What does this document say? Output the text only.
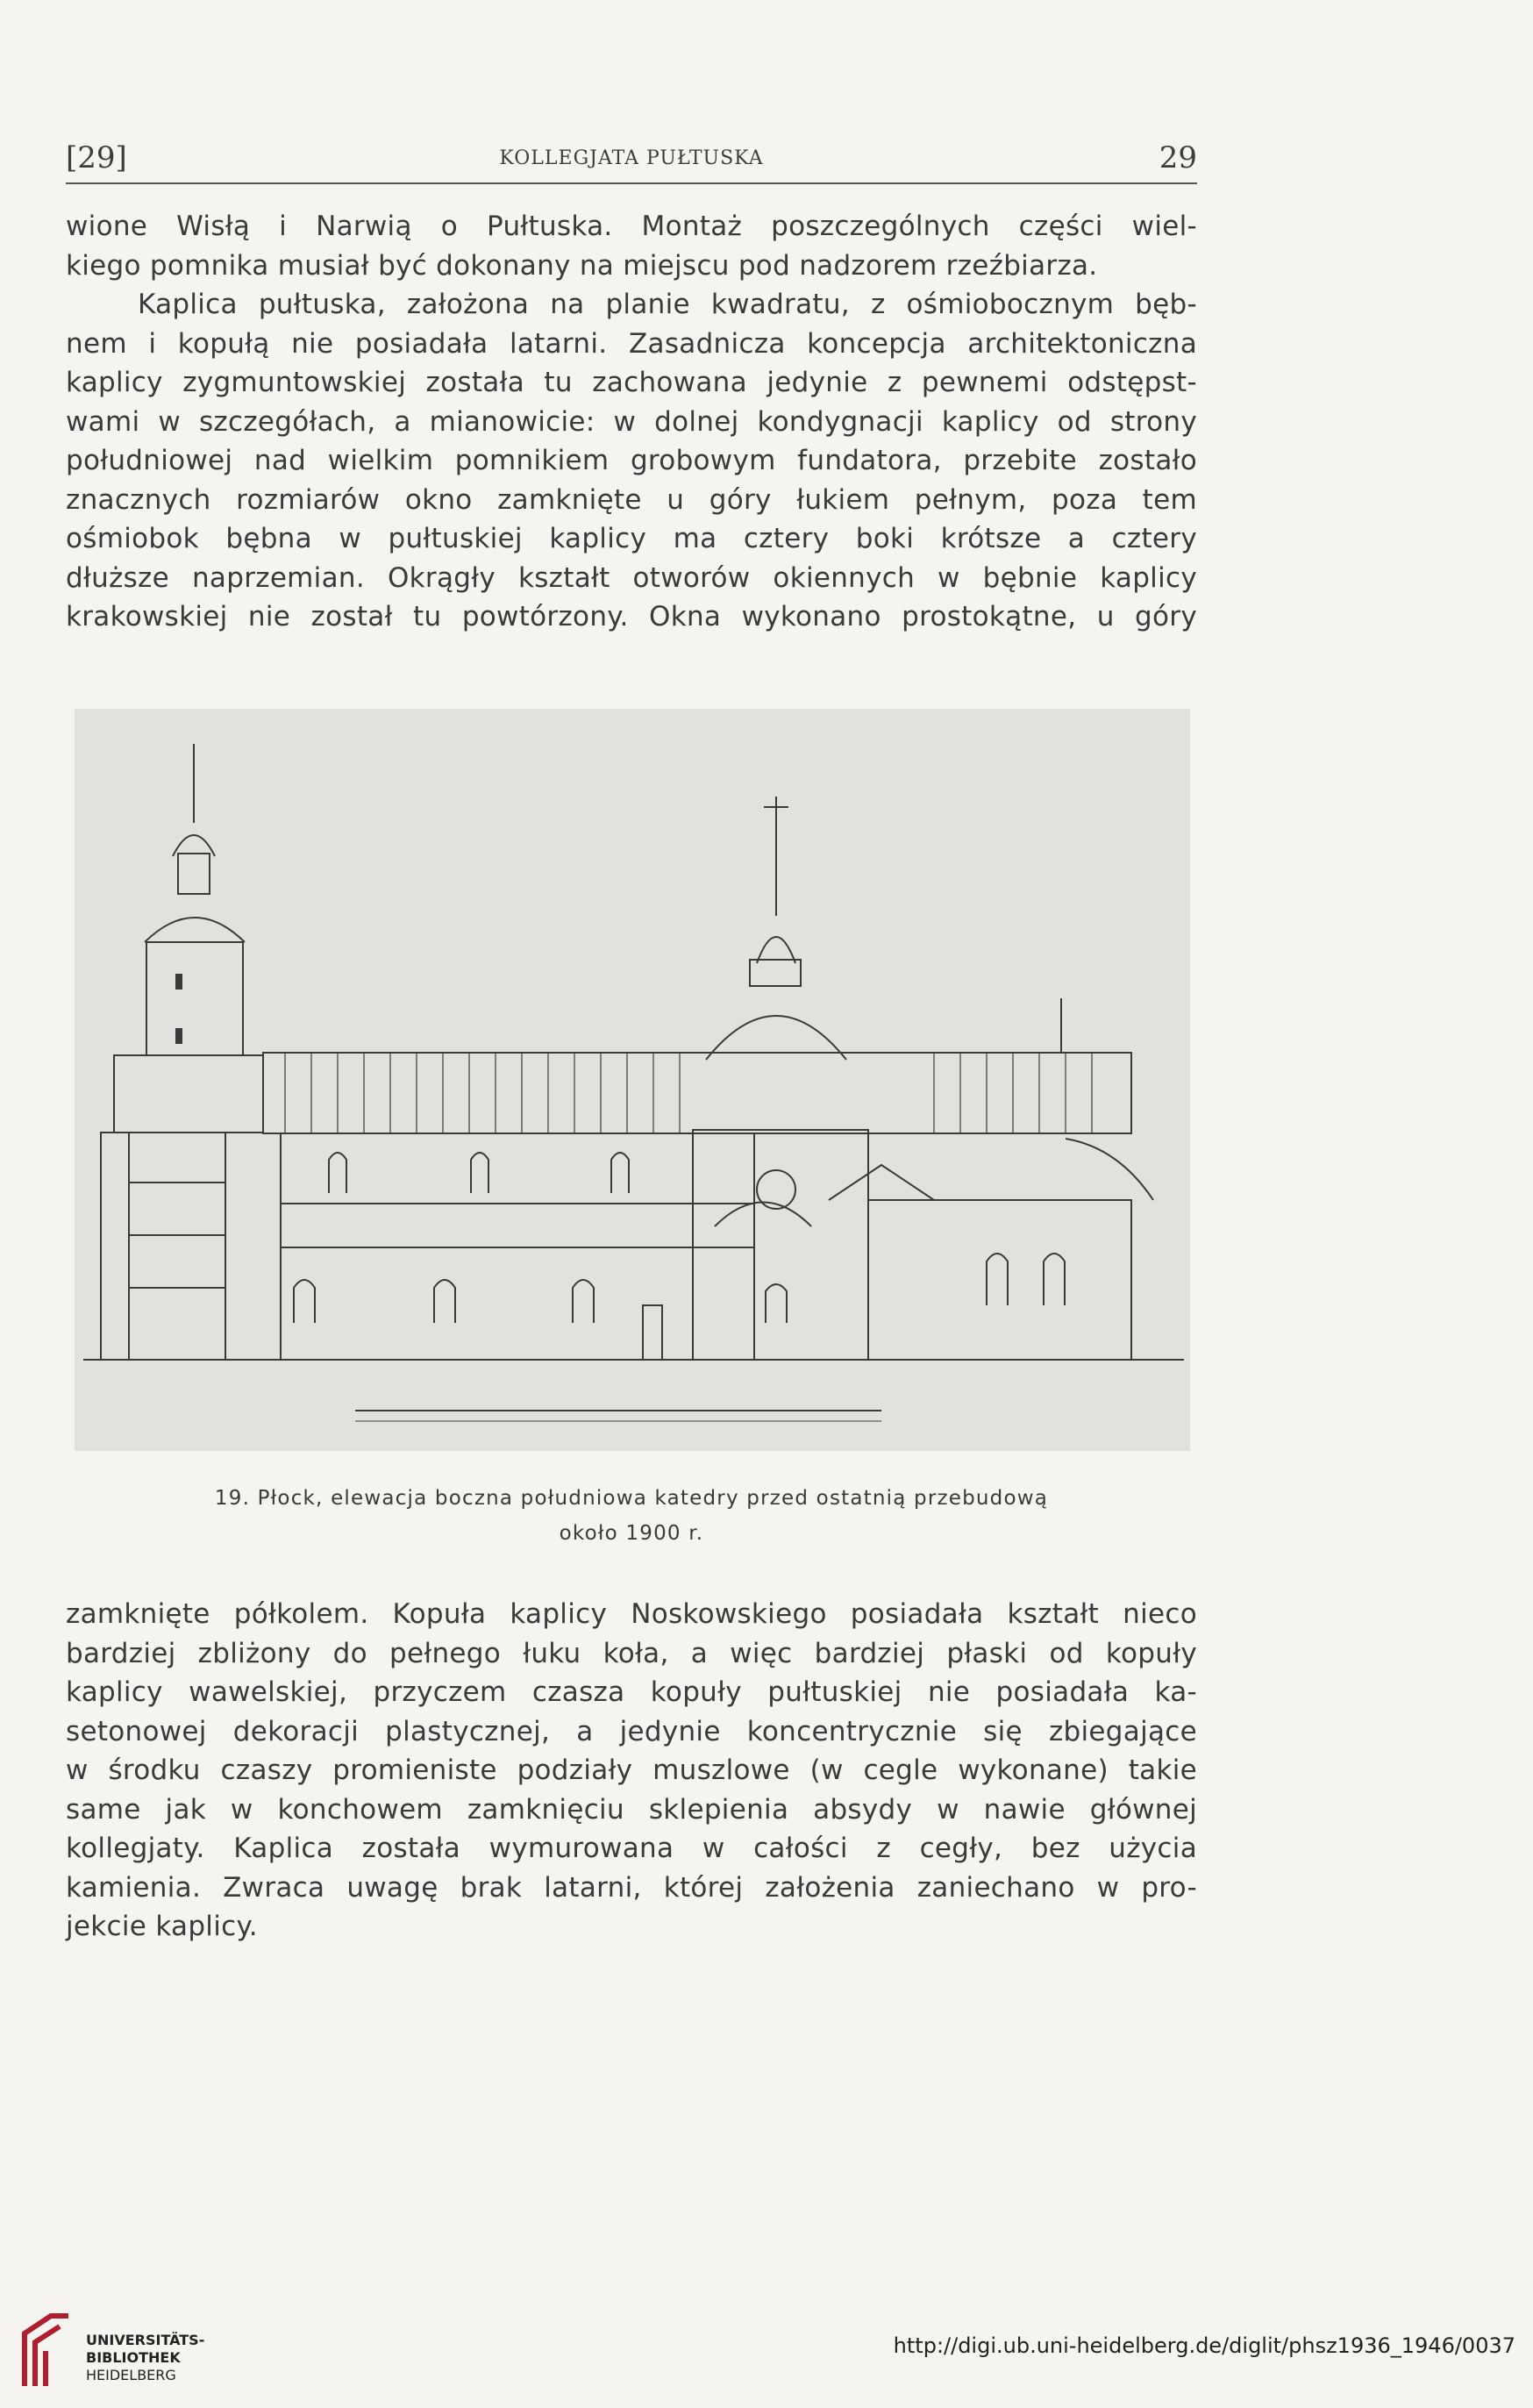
[29]	KOLLEGJATA PUŁTUSKA	29
wione Wisłą i Narwią o Pułtuska. Montaż poszczególnych części wiel-
kiego pomnika musiał być dokonany na miejscu pod nadzorem rzeźbiarza.
Kaplica pułtuska, założona na planie kwadratu, z ośmiobocznym bęb-
nem i kopułą nie posiadała latarni. Zasadnicza koncepcja architektoniczna
kaplicy zygmuntowskiej została tu zachowana jedynie z pewnemi odstępst-
wami w szczegółach, a mianowicie: w dolnej kondygnacji kaplicy od strony
południowej nad wielkim pomnikiem grobowym fundatora, przebite zostało
znacznych rozmiarów okno zamknięte u góry łukiem pełnym, poza tem
ośmiobok bębna w pułtuskiej kaplicy ma cztery boki krótsze a cztery
dłuższe naprzemian. Okrągły kształt otworów okiennych w bębnie kaplicy
krakowskiej nie został tu powtórzony. Okna wykonano prostokątne, u góry
19. Płock, elewacja boczna południowa katedry przed ostatnią przebudową
około 1900 r.
zamknięte półkolem. Kopuła kaplicy Noskowskiego posiadała kształt nieco
bardziej zbliżony do pełnego łuku koła, a więc bardziej płaski od kopuły
kaplicy wawelskiej, przyczem czasza kopuły pułtuskiej nie posiadała ka-
setonowej dekoracji plastycznej, a jedynie koncentrycznie się zbiegające
w środku czaszy promieniste podziały muszlowe (w cegle wykonane) takie
same jak w konchowem zamknięciu sklepienia absydy w nawie głównej
kollegjaty. Kaplica została wymurowana w całości z cegły, bez użycia
kamienia. Zwraca uwagę brak latarni, której założenia zaniechano w pro-
jekcie kaplicy.
UNIVERSITÄTS-
BIBLIOTHEK
HEIDELBERG
http://digi.ub.uni-heidelberg.de/diglit/phsz1936_1946/0037
